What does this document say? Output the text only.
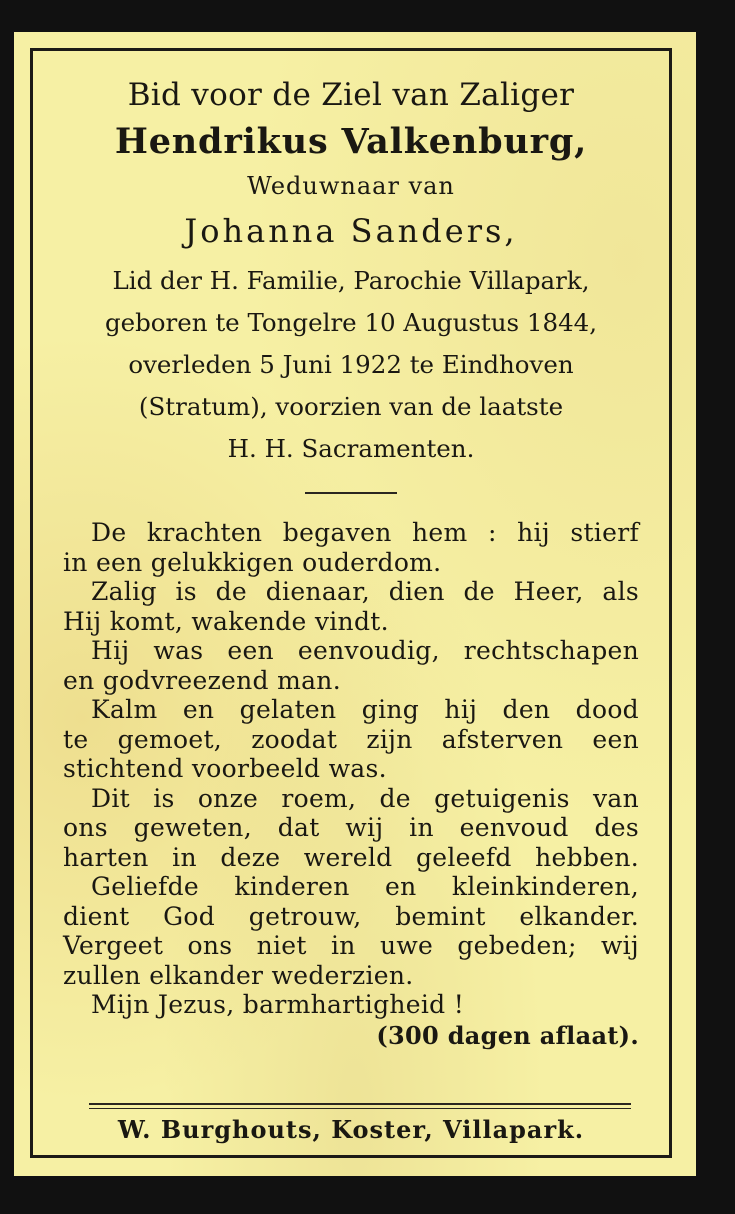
Bid voor de Ziel van Zaliger
Hendrikus Valkenburg,
Weduwnaar van
Johanna Sanders,
Lid der H. Familie, Parochie Villapark,
geboren te Tongelre 10 Augustus 1844,
overleden 5 Juni 1922 te Eindhoven
(Stratum), voorzien van de laatste
H. H. Sacramenten.
De krachten begaven hem : hij stierf
in een gelukkigen ouderdom.
Zalig is de dienaar, dien de Heer, als
Hij komt, wakende vindt.
Hij was een eenvoudig, rechtschapen
en godvreezend man.
Kalm en gelaten ging hij den dood
te gemoet, zoodat zijn afsterven een
stichtend voorbeeld was.
Dit is onze roem, de getuigenis van
ons geweten, dat wij in eenvoud des
harten in deze wereld geleefd hebben.
Geliefde kinderen en kleinkinderen,
dient God getrouw, bemint elkander.
Vergeet ons niet in uwe gebeden; wij
zullen elkander wederzien.
Mijn Jezus, barmhartigheid !
(300 dagen aflaat).
W. Burghouts, Koster, Villapark.
